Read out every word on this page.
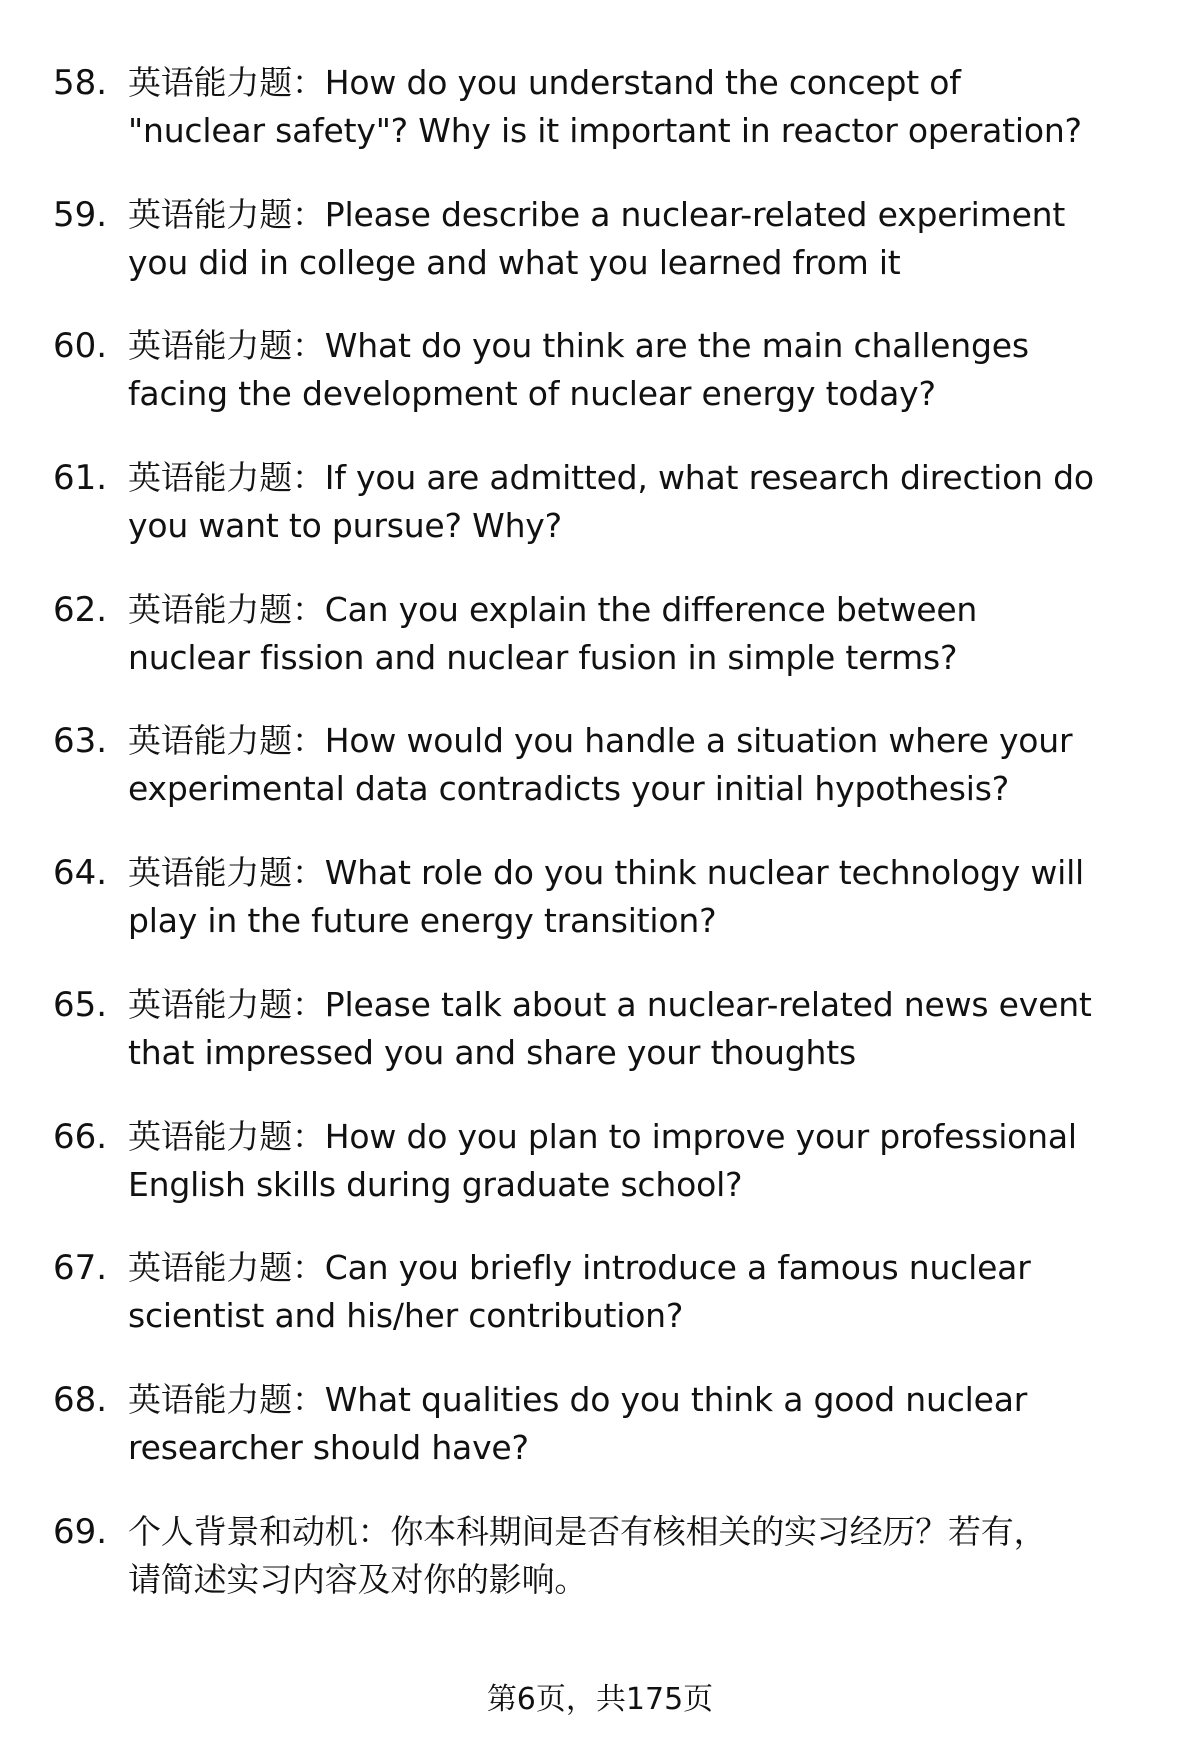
58. 英语能力题：How do you understand the concept of
"nuclear safety"? Why is it important in reactor operation?
59. 英语能力题：Please describe a nuclear-related experiment
you did in college and what you learned from it
60. 英语能力题：What do you think are the main challenges
facing the development of nuclear energy today?
61. 英语能力题：If you are admitted, what research direction do
you want to pursue? Why?
62. 英语能力题：Can you explain the difference between
nuclear fission and nuclear fusion in simple terms?
63. 英语能力题：How would you handle a situation where your
experimental data contradicts your initial hypothesis?
64. 英语能力题：What role do you think nuclear technology will
play in the future energy transition?
65. 英语能力题：Please talk about a nuclear-related news event
that impressed you and share your thoughts
66. 英语能力题：How do you plan to improve your professional
English skills during graduate school?
67. 英语能力题：Can you briefly introduce a famous nuclear
scientist and his/her contribution?
68. 英语能力题：What qualities do you think a good nuclear
researcher should have?
69. 个人背景和动机：你本科期间是否有核相关的实习经历？若有，
请简述实习内容及对你的影响。
第6页，共175页
